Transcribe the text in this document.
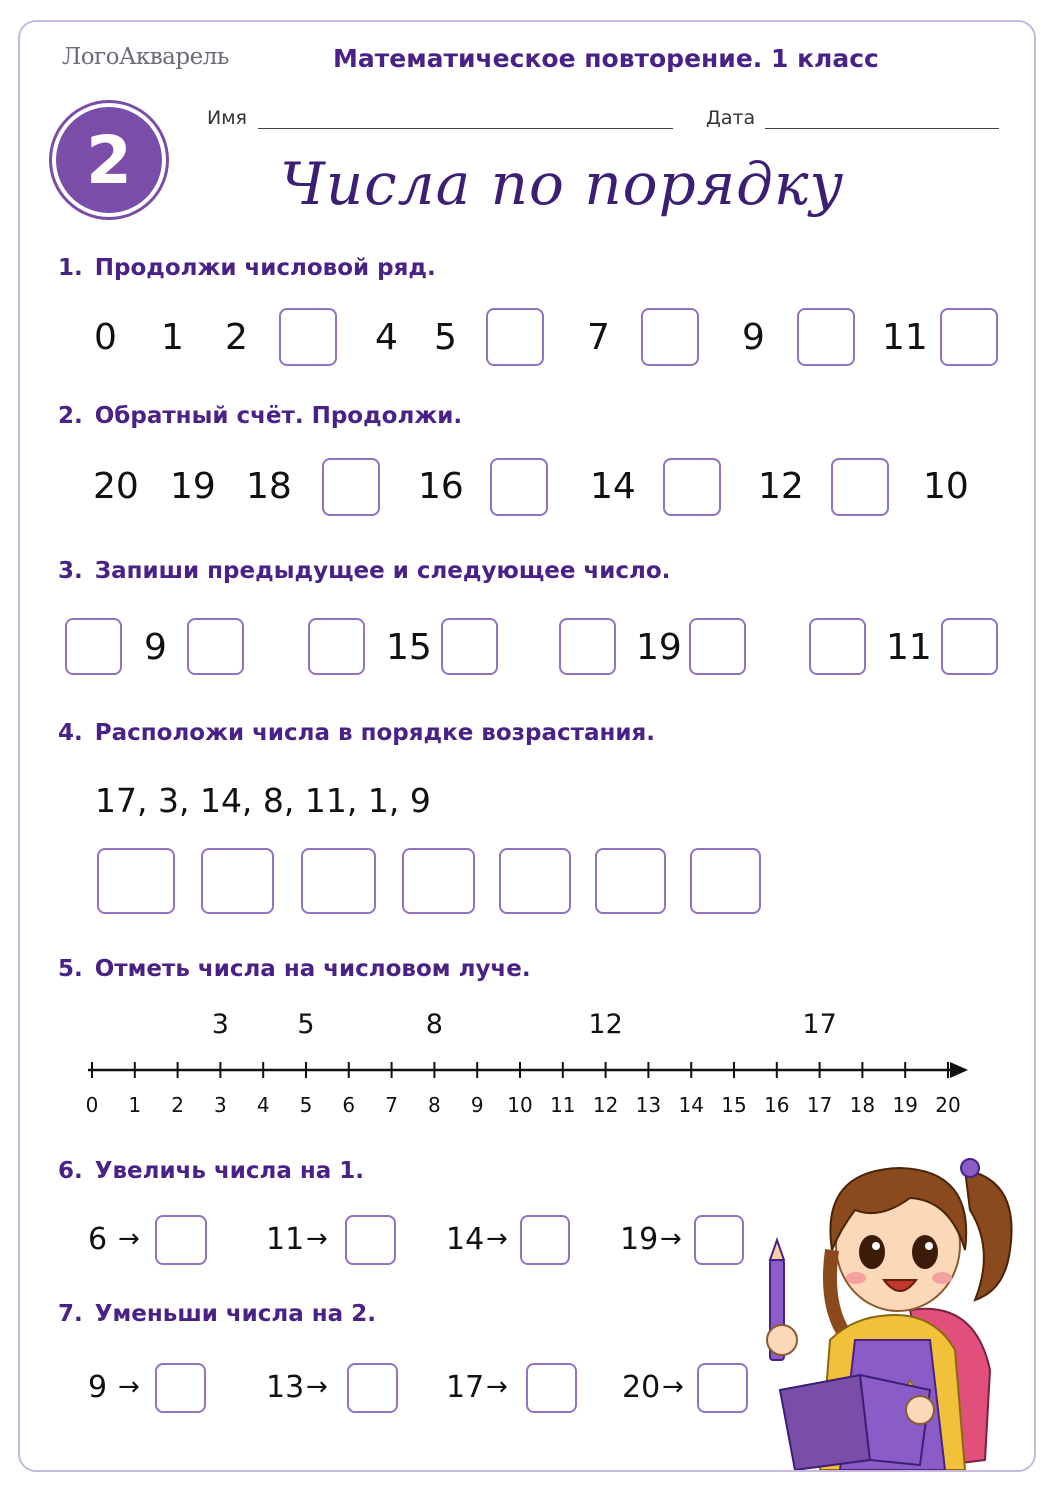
ЛогоАкварель	Математическое повторение. 1 класс
2
Имя	Дата
Числа по порядку
1. Продолжи числовой ряд.
0 1 2	4 5	7	9	11
2. Обратный счёт. Продолжи.
20 19 18	16	14	12	10
3. Запиши предыдущее и следующее число.
9	15	19	11
4. Расположи числа в порядке возрастания.
17, 3, 14, 8, 11, 1, 9
5. Отметь числа на числовом луче.
0 1 2 3 4 5 6 7 8 9 10 11 12 13 14 15 16 17 18 19 20
3	5	8	12	17
6. Увеличь числа на 1.
6 →	11 →	14 →	19 →
7. Уменьши числа на 2.
9 →	13 →	17 →	20 →
